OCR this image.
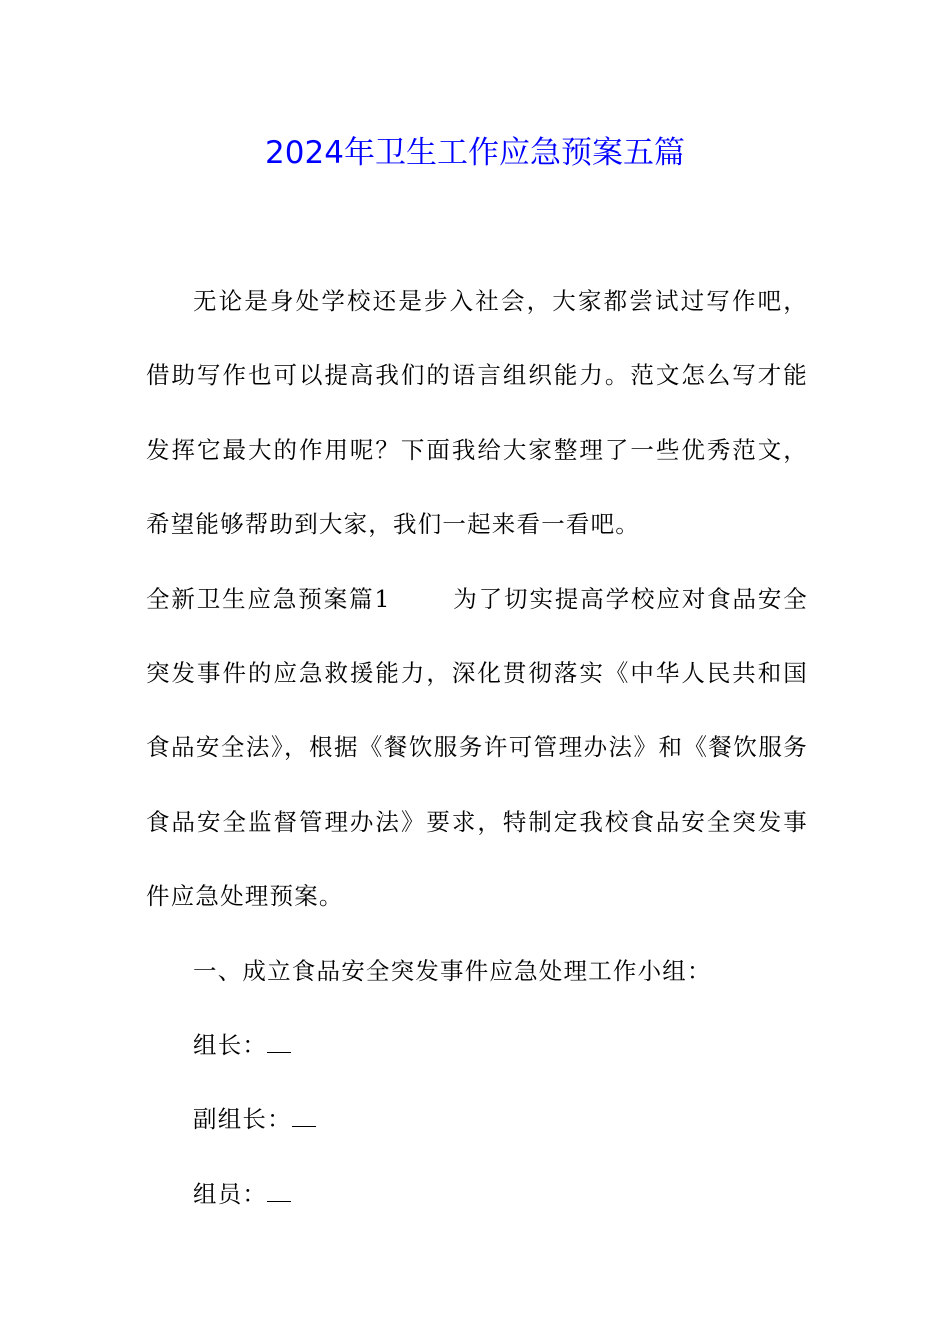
2024年卫生工作应急预案五篇

无论是身处学校还是步入社会，大家都尝试过写作吧，借助写作也可以提高我们的语言组织能力。范文怎么写才能发挥它最大的作用呢？下面我给大家整理了一些优秀范文，希望能够帮助到大家，我们一起来看一看吧。

全新卫生应急预案篇1	为了切实提高学校应对食品安全突发事件的应急救援能力，深化贯彻落实《中华人民共和国食品安全法》，根据《餐饮服务许可管理办法》和《餐饮服务食品安全监督管理办法》要求，特制定我校食品安全突发事件应急处理预案。

一、成立食品安全突发事件应急处理工作小组：

组长：

副组长：

组员：
